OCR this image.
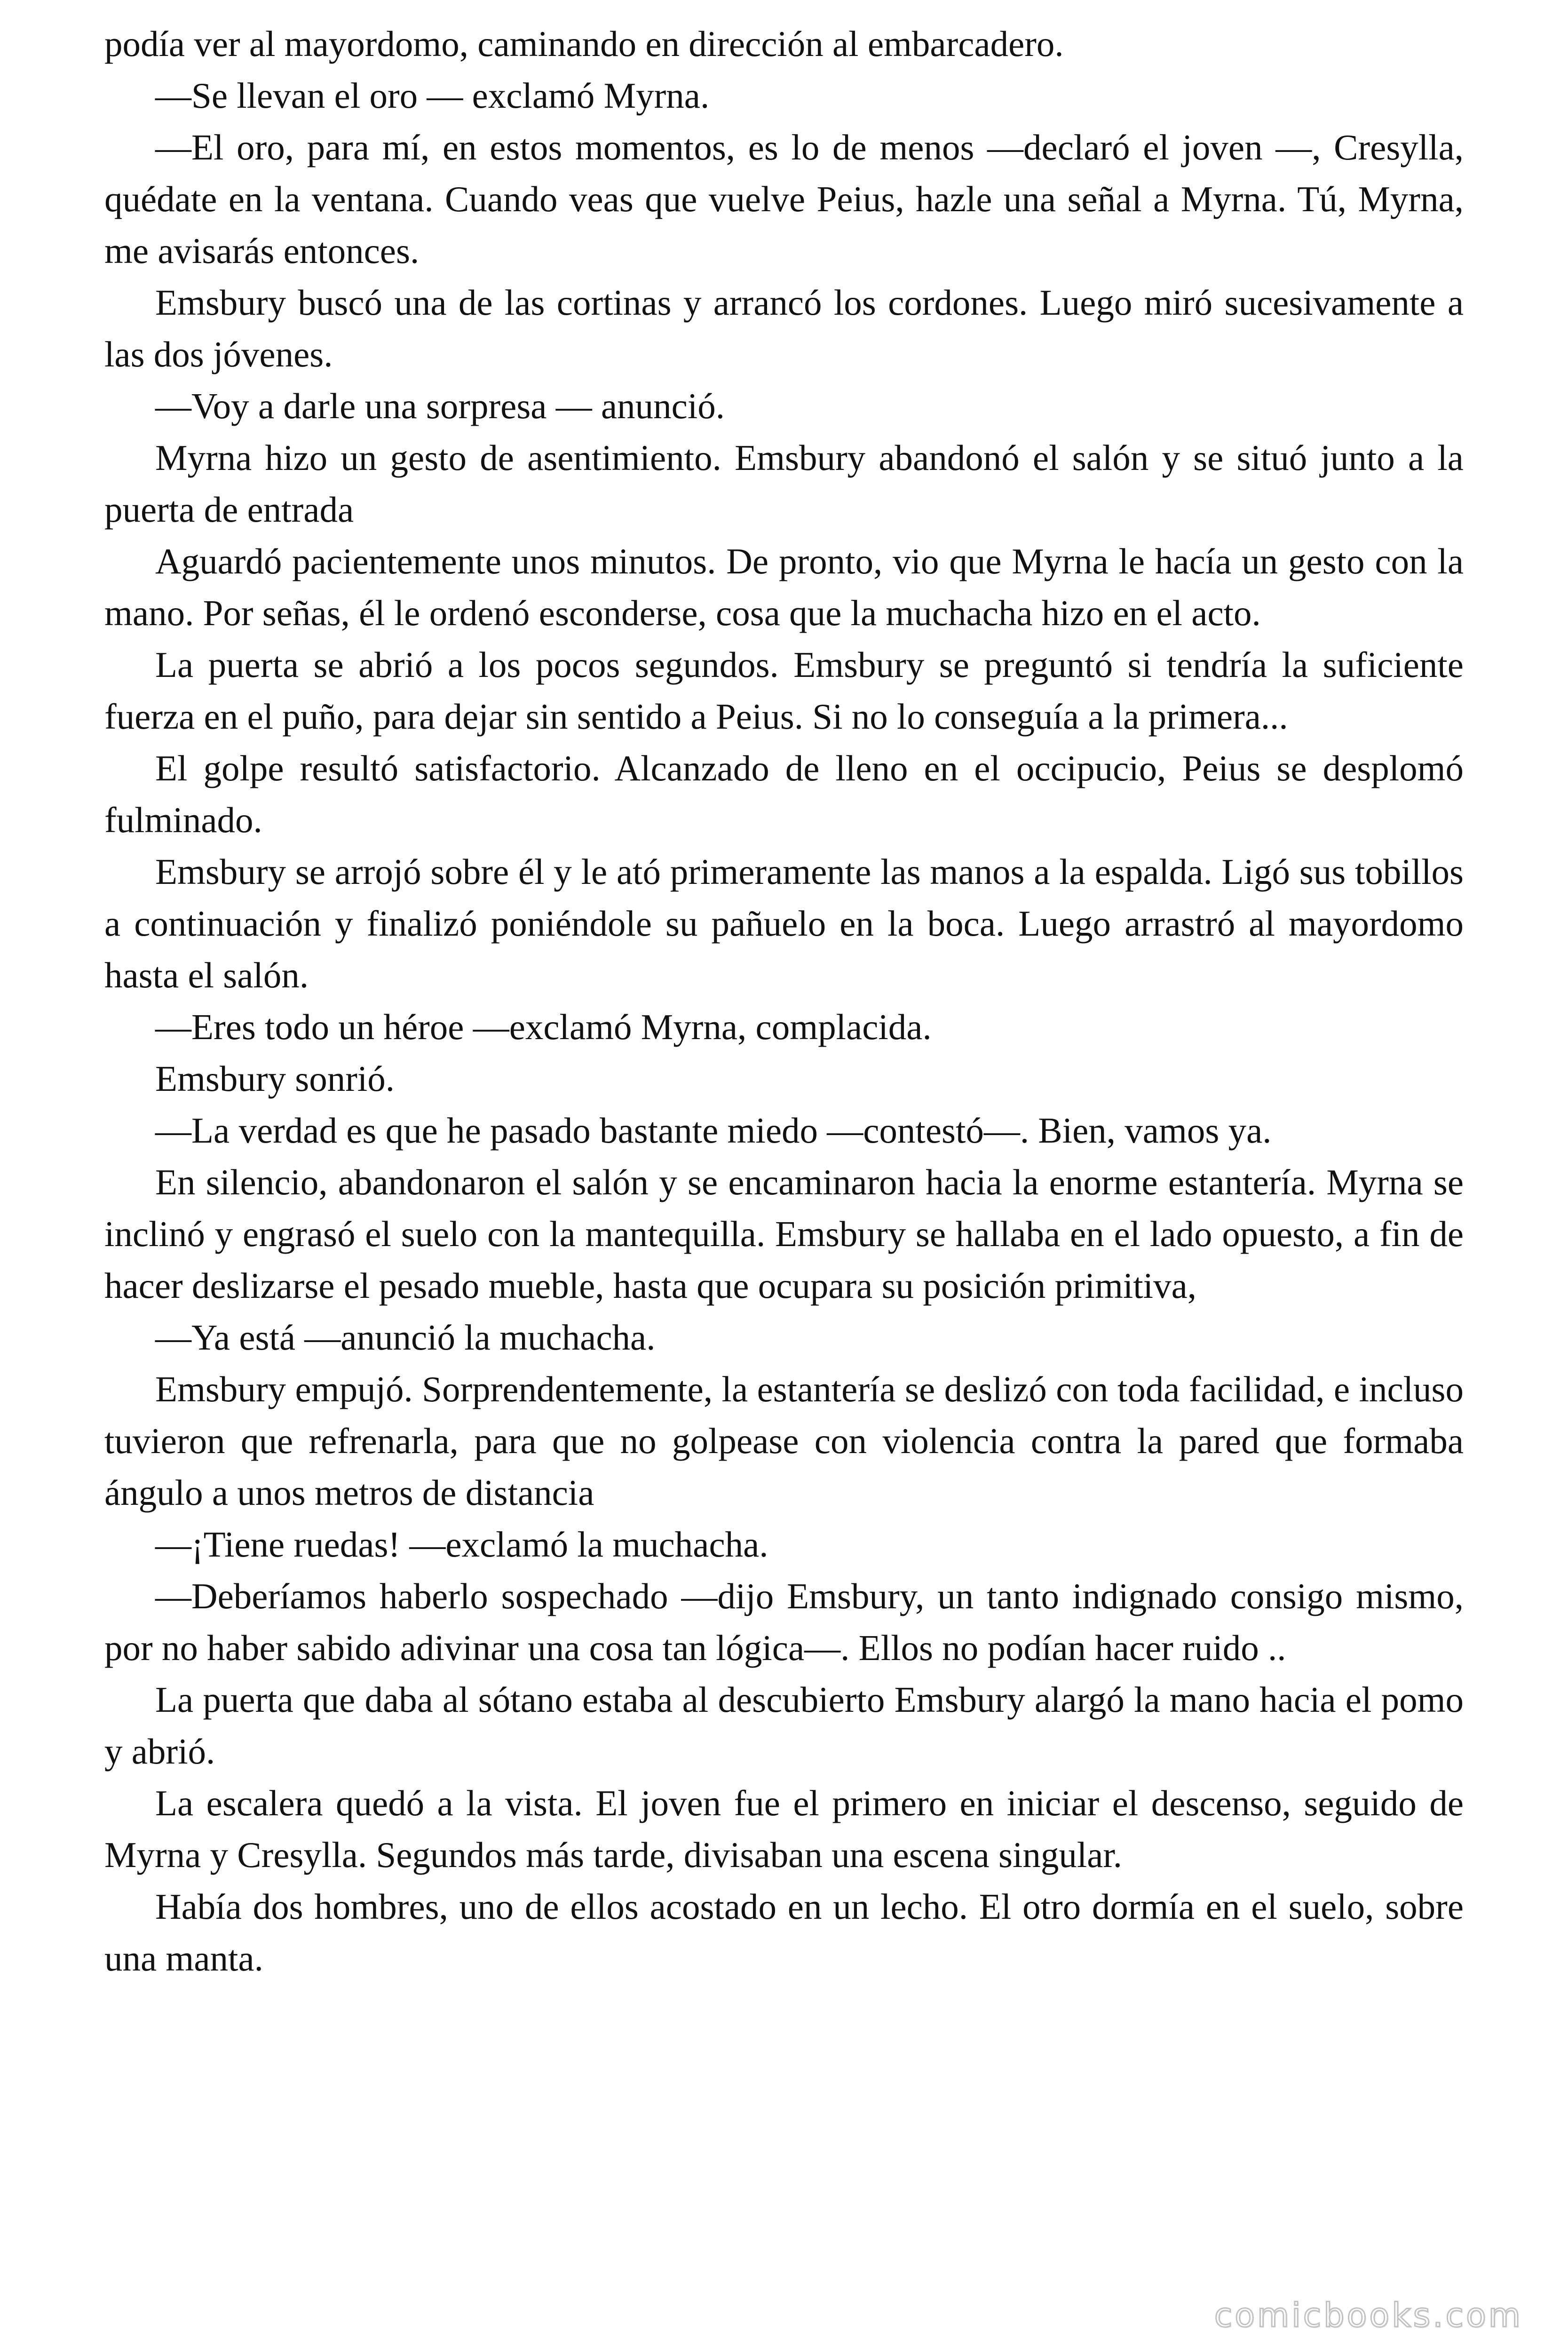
podía ver al mayordomo, caminando en dirección al embarcadero.

—Se llevan el oro — exclamó Myrna.

—El oro, para mí, en estos momentos, es lo de menos —declaró el joven —, Cresylla, quédate en la ventana. Cuando veas que vuelve Peius, hazle una señal a Myrna. Tú, Myrna, me avisarás entonces.

Emsbury buscó una de las cortinas y arrancó los cordones. Luego miró sucesivamente a las dos jóvenes.

—Voy a darle una sorpresa — anunció.

Myrna hizo un gesto de asentimiento. Emsbury abandonó el salón y se situó junto a la puerta de entrada

Aguardó pacientemente unos minutos. De pronto, vio que Myrna le hacía un gesto con la mano. Por señas, él le ordenó esconderse, cosa que la muchacha hizo en el acto.

La puerta se abrió a los pocos segundos. Emsbury se preguntó si tendría la suficiente fuerza en el puño, para dejar sin sentido a Peius. Si no lo conseguía a la primera...

El golpe resultó satisfactorio. Alcanzado de lleno en el occipucio, Peius se desplomó fulminado.

Emsbury se arrojó sobre él y le ató primeramente las manos a la espalda. Ligó sus tobillos a continuación y finalizó poniéndole su pañuelo en la boca. Luego arrastró al mayordomo hasta el salón.

—Eres todo un héroe —exclamó Myrna, complacida.

Emsbury sonrió.

—La verdad es que he pasado bastante miedo —contestó—. Bien, vamos ya.

En silencio, abandonaron el salón y se encaminaron hacia la enorme estantería. Myrna se inclinó y engrasó el suelo con la mantequilla. Emsbury se hallaba en el lado opuesto, a fin de hacer deslizarse el pesado mueble, hasta que ocupara su posición primitiva,

—Ya está —anunció la muchacha.

Emsbury empujó. Sorprendentemente, la estantería se deslizó con toda facilidad, e incluso tuvieron que refrenarla, para que no golpease con violencia contra la pared que formaba ángulo a unos metros de distancia

—¡Tiene ruedas! —exclamó la muchacha.

—Deberíamos haberlo sospechado —dijo Emsbury, un tanto indignado consigo mismo, por no haber sabido adivinar una cosa tan lógica—. Ellos no podían hacer ruido ..

La puerta que daba al sótano estaba al descubierto Emsbury alargó la mano hacia el pomo y abrió.

La escalera quedó a la vista. El joven fue el primero en iniciar el descenso, seguido de Myrna y Cresylla. Segundos más tarde, divisaban una escena singular.

Había dos hombres, uno de ellos acostado en un lecho. El otro dormía en el suelo, sobre una manta.

comicbooks.com
